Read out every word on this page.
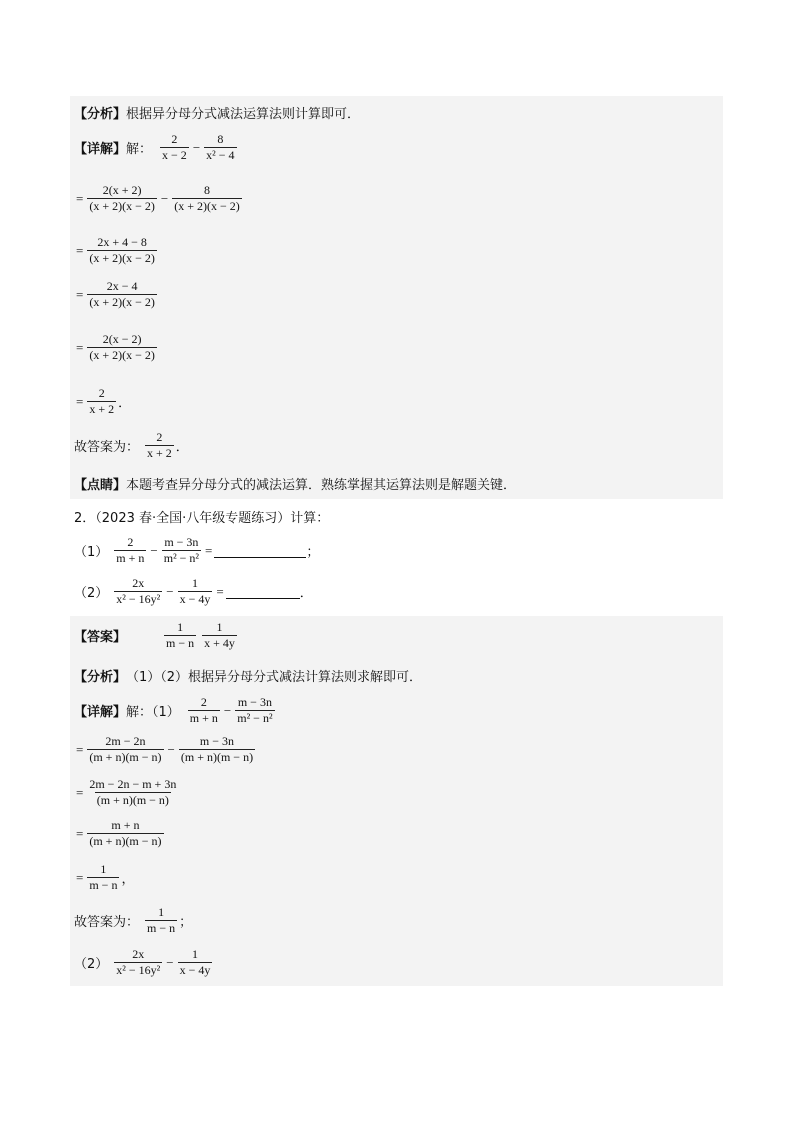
【分析】 根据异分母分式减法运算法则计算即可．
【详解】 解： $\frac{2}{x - 2} - \frac{8}{\text{x² − 4}}$
= $\frac{2(x + 2)}{(x + 2)(x - 2)} - \frac{8}{(x + 2)(x - 2)}$
= $\frac{2x + 4 - 8}{(x + 2)(x - 2)}$
= $\frac{2x - 4}{(x + 2)(x - 2)}$
= $\frac{2(x - 2)}{(x + 2)(x - 2)}$
= $\frac{2}{x + 2}$ ．
故答案为： $\frac{2}{x + 2}$ ．
【点睛】 本题考查异分母分式的减法运算．熟练掌握其运算法则是解题关键．
2．（2023 春·全国·八年级专题练习）计算：
$(1) \frac{2}{m + n} - \frac{m - 3n}{\text{m² − n²}}$ =	；
$(2) \frac{2x}{\text{x² − 16y²}} - \frac{1}{x - 4y}$ =	．
【答案】	$\frac{1}{m - n} \frac{1}{x + 4y}$
【分析】 （1）（2）根据异分母分式减法计算法则求解即可．
【详解】 解：$(1) \frac{2}{m + n} - \frac{m - 3n}{\text{m² − n²}}$
= $\frac{2m - 2n}{(m + n)(m - n)} - \frac{m - 3n}{(m + n)(m - n)}$
= $\frac{2m - 2n - m + 3n}{(m + n)(m - n)}$
= $\frac{m + n}{(m + n)(m - n)}$
= $\frac{1}{m - n}$ ，
故答案为： $\frac{1}{m - n}$ ；
$(2) \frac{2x}{\text{x² − 16y²}} - \frac{1}{x - 4y}$
